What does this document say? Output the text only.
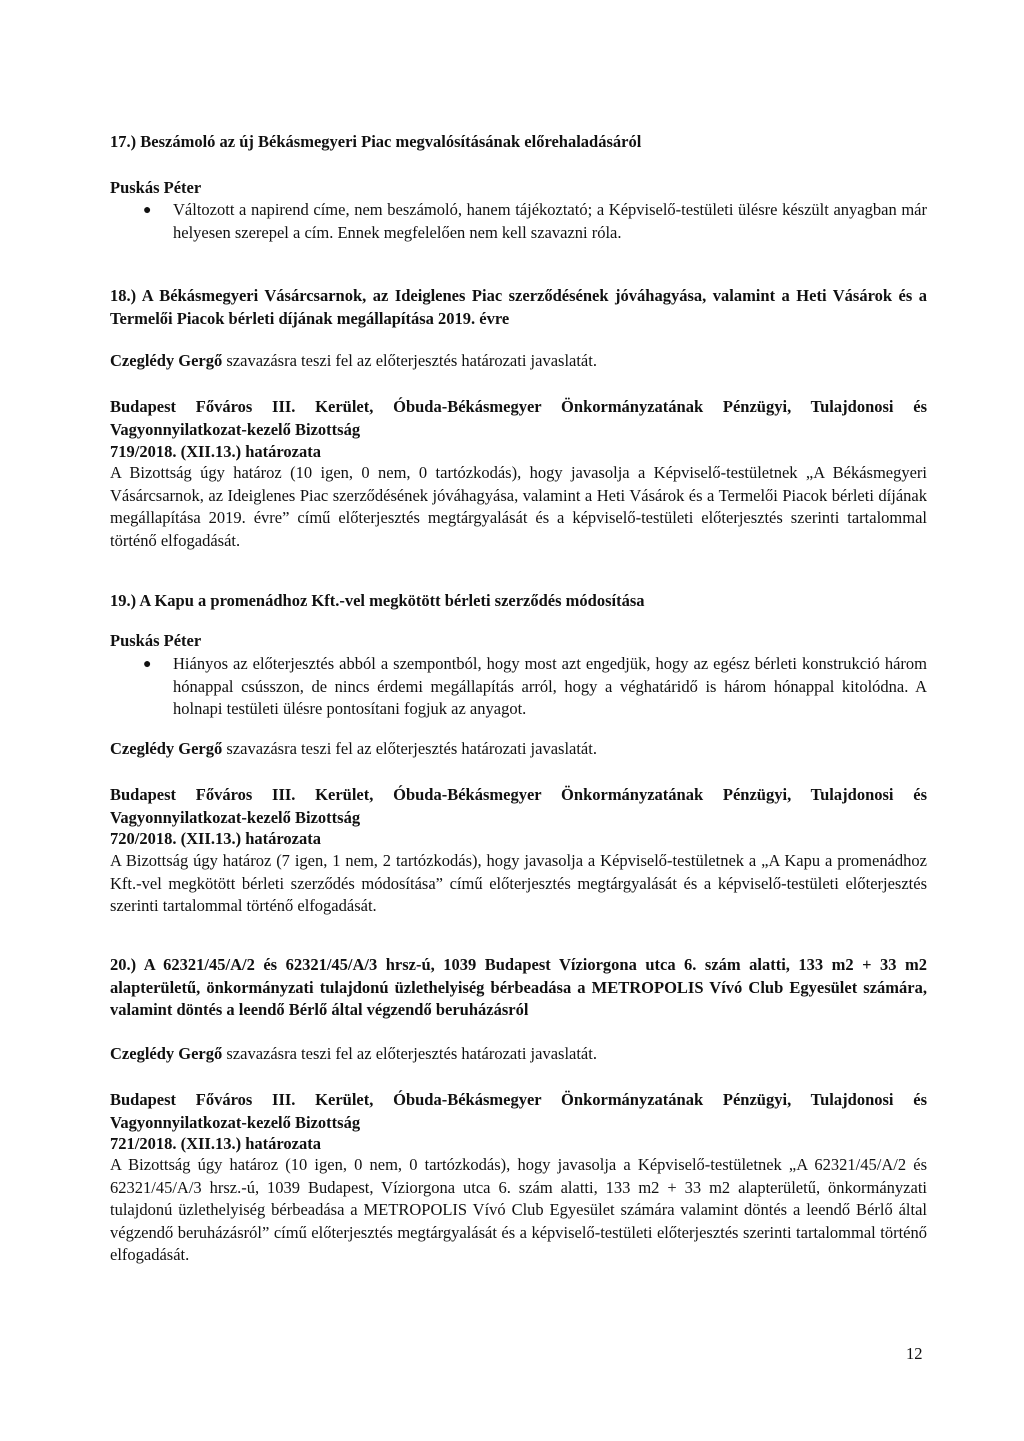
17.) Beszámoló az új Békásmegyeri Piac megvalósításának előrehaladásáról
Puskás Péter
● Változott a napirend címe, nem beszámoló, hanem tájékoztató; a Képviselő-testületi ülésre készült anyagban már helyesen szerepel a cím. Ennek megfelelően nem kell szavazni róla.
18.) A Békásmegyeri Vásárcsarnok, az Ideiglenes Piac szerződésének jóváhagyása, valamint a Heti Vásárok és a Termelői Piacok bérleti díjának megállapítása 2019. évre
Czeglédy Gergő szavazásra teszi fel az előterjesztés határozati javaslatát.
Budapest Főváros III. Kerület, Óbuda-Békásmegyer Önkormányzatának Pénzügyi, Tulajdonosi és Vagyonnyilatkozat-kezelő Bizottság
719/2018. (XII.13.) határozata
A Bizottság úgy határoz (10 igen, 0 nem, 0 tartózkodás), hogy javasolja a Képviselő-testületnek „A Békásmegyeri Vásárcsarnok, az Ideiglenes Piac szerződésének jóváhagyása, valamint a Heti Vásárok és a Termelői Piacok bérleti díjának megállapítása 2019. évre” című előterjesztés megtárgyalását és a képviselő-testületi előterjesztés szerinti tartalommal történő elfogadását.
19.) A Kapu a promenádhoz Kft.-vel megkötött bérleti szerződés módosítása
Puskás Péter
● Hiányos az előterjesztés abból a szempontból, hogy most azt engedjük, hogy az egész bérleti konstrukció három hónappal csússzon, de nincs érdemi megállapítás arról, hogy a véghatáridő is három hónappal kitolódna. A holnapi testületi ülésre pontosítani fogjuk az anyagot.
Czeglédy Gergő szavazásra teszi fel az előterjesztés határozati javaslatát.
Budapest Főváros III. Kerület, Óbuda-Békásmegyer Önkormányzatának Pénzügyi, Tulajdonosi és Vagyonnyilatkozat-kezelő Bizottság
720/2018. (XII.13.) határozata
A Bizottság úgy határoz (7 igen, 1 nem, 2 tartózkodás), hogy javasolja a Képviselő-testületnek a „A Kapu a promenádhoz Kft.-vel megkötött bérleti szerződés módosítása” című előterjesztés megtárgyalását és a képviselő-testületi előterjesztés szerinti tartalommal történő elfogadását.
20.) A 62321/45/A/2 és 62321/45/A/3 hrsz-ú, 1039 Budapest Víziorgona utca 6. szám alatti, 133 m2 + 33 m2 alapterületű, önkormányzati tulajdonú üzlethelyiség bérbeadása a METROPOLIS Vívó Club Egyesület számára, valamint döntés a leendő Bérlő által végzendő beruházásról
Czeglédy Gergő szavazásra teszi fel az előterjesztés határozati javaslatát.
Budapest Főváros III. Kerület, Óbuda-Békásmegyer Önkormányzatának Pénzügyi, Tulajdonosi és Vagyonnyilatkozat-kezelő Bizottság
721/2018. (XII.13.) határozata
A Bizottság úgy határoz (10 igen, 0 nem, 0 tartózkodás), hogy javasolja a Képviselő-testületnek „A 62321/45/A/2 és 62321/45/A/3 hrsz.-ú, 1039 Budapest, Víziorgona utca 6. szám alatti, 133 m2 + 33 m2 alapterületű, önkormányzati tulajdonú üzlethelyiség bérbeadása a METROPOLIS Vívó Club Egyesület számára valamint döntés a leendő Bérlő által végzendő beruházásról” című előterjesztés megtárgyalását és a képviselő-testületi előterjesztés szerinti tartalommal történő elfogadását.
12
